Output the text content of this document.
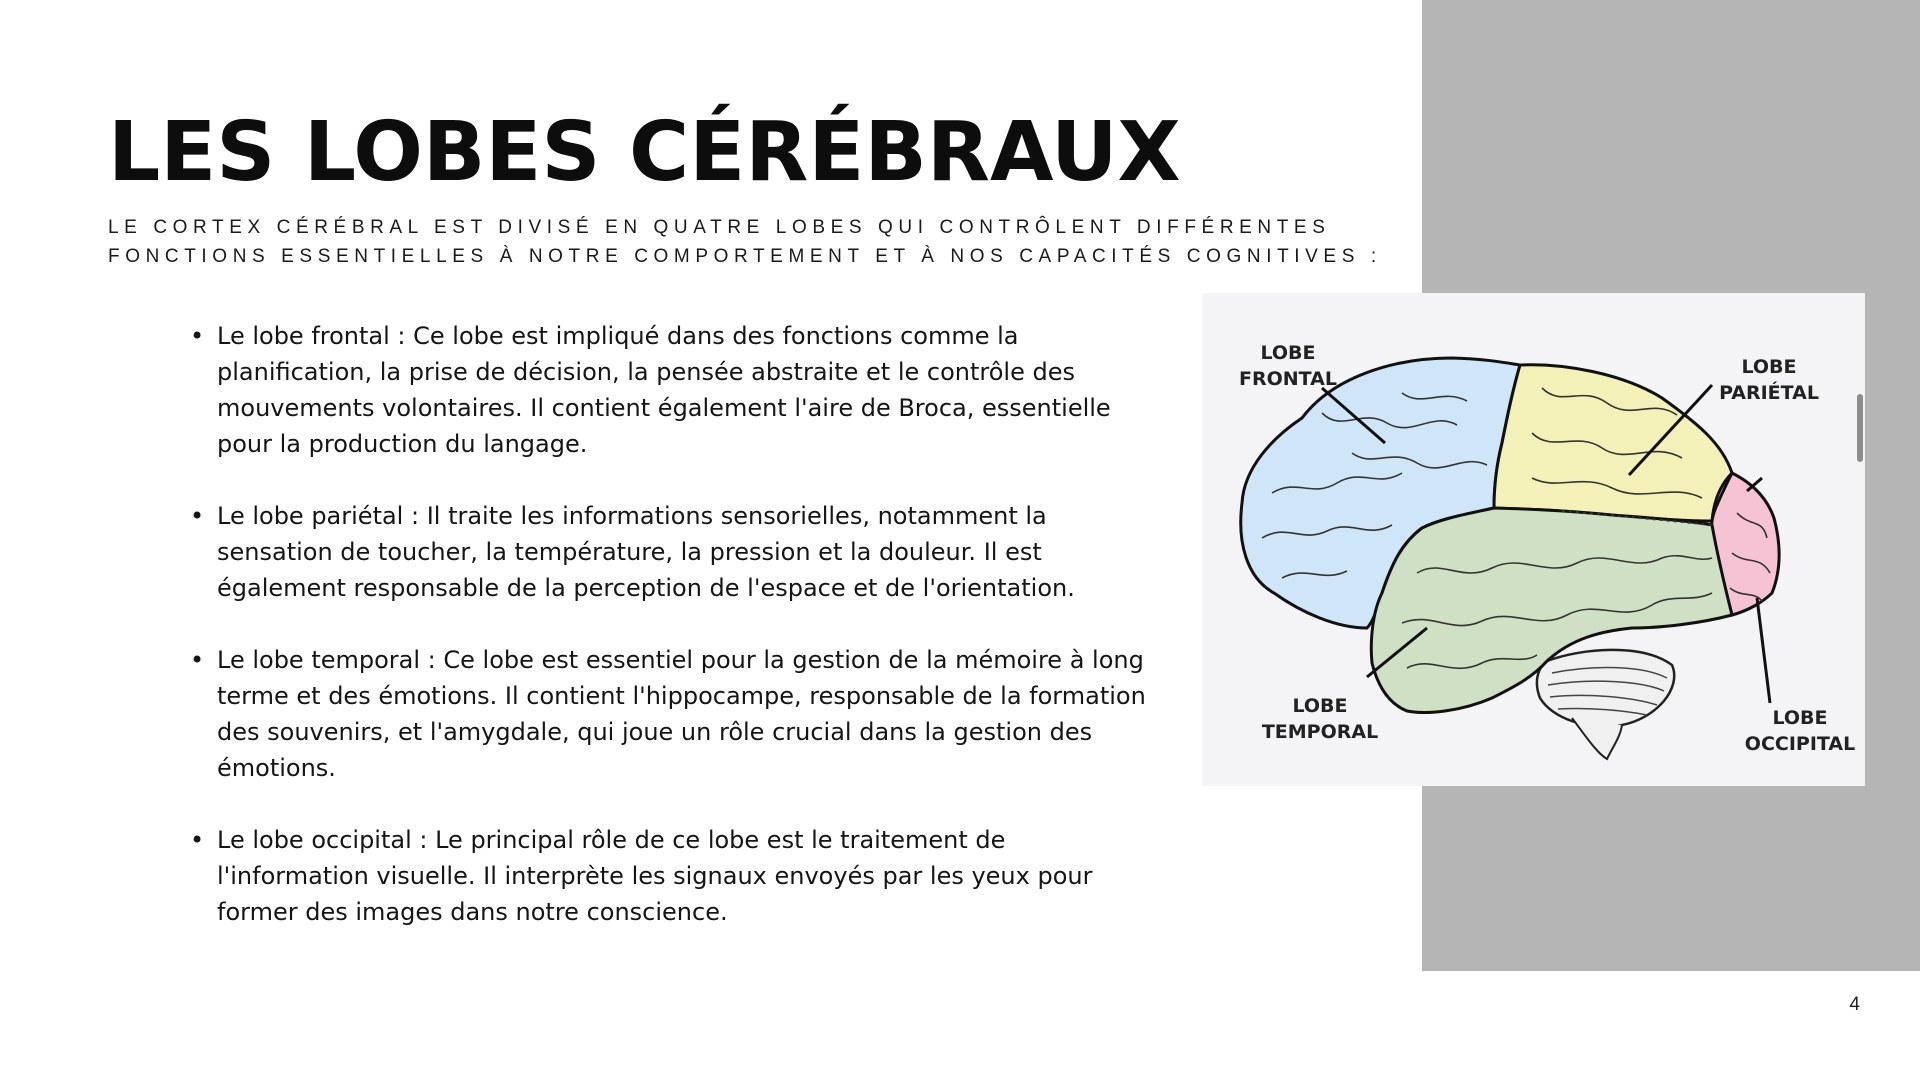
LES LOBES CÉRÉBRAUX
LE CORTEX CÉRÉBRAL EST DIVISÉ EN QUATRE LOBES QUI CONTRÔLENT DIFFÉRENTES
FONCTIONS ESSENTIELLES À NOTRE COMPORTEMENT ET À NOS CAPACITÉS COGNITIVES :
• Le lobe frontal : Ce lobe est impliqué dans des fonctions comme la planification, la prise de décision, la pensée abstraite et le contrôle des mouvements volontaires. Il contient également l'aire de Broca, essentielle pour la production du langage.
• Le lobe pariétal : Il traite les informations sensorielles, notamment la sensation de toucher, la température, la pression et la douleur. Il est également responsable de la perception de l'espace et de l'orientation.
• Le lobe temporal : Ce lobe est essentiel pour la gestion de la mémoire à long terme et des émotions. Il contient l'hippocampe, responsable de la formation des souvenirs, et l'amygdale, qui joue un rôle crucial dans la gestion des émotions.
• Le lobe occipital : Le principal rôle de ce lobe est le traitement de l'information visuelle. Il interprète les signaux envoyés par les yeux pour former des images dans notre conscience.
LOBE
FRONTAL
LOBE
PARIÉTAL
LOBE
TEMPORAL
LOBE
OCCIPITAL
4
